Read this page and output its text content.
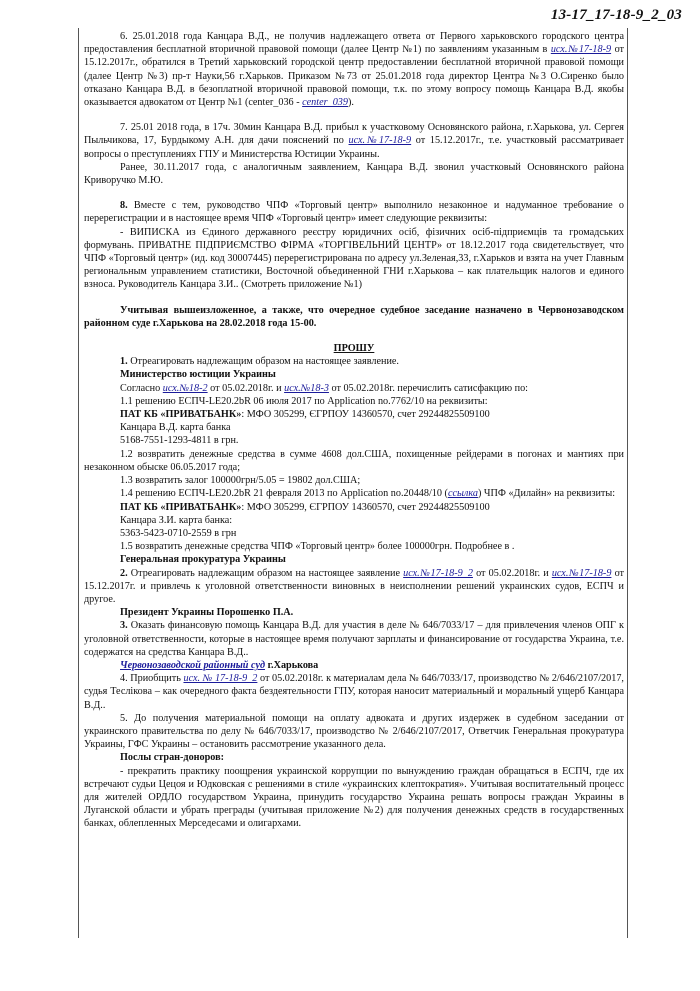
13-17_17-18-9_2_03

6. 25.01.2018 года Канцара В.Д., не получив надлежащего ответа от Первого харьковского городского центра предоставления бесплатной вторичной правовой помощи (далее Центр №1) по заявлениям указанным в исх.№17-18-9 от 15.12.2017г., обратился в Третий харьковский городской центр предоставлении бесплатной вторичной правовой помощи (далее Центр №3) пр-т Науки,56 г.Харьков. Приказом №73 от 25.01.2018 года директор Центра №3 О.Сиренко было отказано Канцара В.Д. в безоплатной вторичной правовой помощи, т.к. по этому вопросу помощь Канцара В.Д. якобы оказывается адвокатом от Центр №1 (center_036 - center_039).

7. 25.01 2018 года, в 17ч. 30мин Канцара В.Д. прибыл к участковому Основянского района, г.Харькова, ул. Сергея Пыльчикова, 17, Бурдыкому А.Н. для дачи пояснений по исх.№17-18-9 от 15.12.2017г., т.е. участковый рассматривает вопросы о преступлениях ГПУ и Министерства Юстиции Украины.

Ранее, 30.11.2017 года, с аналогичным заявлением, Канцара В.Д. звонил участковый Основянского района Криворучко М.Ю.

8. Вместе с тем, руководство ЧПФ «Торговый центр» выполнило незаконное и надуманное требование о перерегистрации и в настоящее время ЧПФ «Торговый центр» имеет следующие реквизиты:

- ВИПИСКА из Єдиного державного реєстру юридичних осіб, фізичних осіб-підприємців та громадських формувань. ПРИВАТНЕ ПІДПРИЄМСТВО ФІРМА «ТОРГІВЕЛЬНИЙ ЦЕНТР» от 18.12.2017 года свидетельствует, что ЧПФ «Торговый центр» (ид. код 30007445) перерегистрирована по адресу ул.Зеленая,33, г.Харьков и взята на учет Главным региональным управлением статистики, Восточной объединенной ГНИ г.Харькова – как плательщик налогов и единого взноса. Руководитель Канцара З.И.. (Смотреть приложение №1)

Учитывая вышеизложенное, а также, что очередное судебное заседание назначено в Червонозаводском районном суде г.Харькова на 28.02.2018 года 15-00.

ПРОШУ

1. Отреагировать надлежащим образом на настоящее заявление.

Министерство юстиции Украины

Согласно исх.№18-2 от 05.02.2018г. и исх.№18-3 от 05.02.2018г. перечислить сатисфакцию по:

1.1 решению ЕСПЧ-LE20.2bR 06 июля 2017 по Application no.7762/10 на реквизиты:

ПАТ КБ «ПРИВАТБАНК»: МФО 305299, ЄГРПОУ 14360570, счет 29244825509100

Канцара В.Д. карта банка

5168-7551-1293-4811 в грн.

1.2 возвратить денежные средства в сумме 4608 дол.США, похищенные рейдерами в погонах и мантиях при незаконном обыске 06.05.2017 года;

1.3 возвратить залог 100000грн/5.05 = 19802 дол.США;

1.4 решению ЕСПЧ-LE20.2bR 21 февраля 2013 по Application no.20448/10 (ссылка) ЧПФ «Дилайн» на реквизиты:

ПАТ КБ «ПРИВАТБАНК»: МФО 305299, ЄГРПОУ 14360570, счет 29244825509100

Канцара З.И. карта банка:

5363-5423-0710-2559 в грн

1.5 возвратить денежные средства ЧПФ «Торговый центр» более 100000грн. Подробнее в .

Генеральная прокуратура Украины

2. Отреагировать надлежащим образом на настоящее заявление исх.№17-18-9_2 от 05.02.2018г. и исх.№17-18-9 от 15.12.2017г. и привлечь к уголовной ответственности виновных в неисполнении решений украинских судов, ЕСПЧ и другое.

Президент Украины Порошенко П.А.

3. Оказать финансовую помощь Канцара В.Д. для участия в деле № 646/7033/17 – для привлечения членов ОПГ к уголовной ответственности, которые в настоящее время получают зарплаты и финансирование от государства Украина, т.е. содержатся на средства Канцара В.Д..

Червонозаводской районный суд г.Харькова

4. Приобщить исх. № 17-18-9_2 от 05.02.2018г. к материалам дела № 646/7033/17, производство № 2/646/2107/2017, судья Теслікова – как очередного факта бездеятельности ГПУ, которая наносит материальный и моральный ущерб Канцара В.Д..

5. До получения материальной помощи на оплату адвоката и других издержек в судебном заседании от украинского правительства по делу № 646/7033/17, производство № 2/646/2107/2017, Ответчик Генеральная прокуратура Украины, ГФС Украины – остановить рассмотрение указанного дела.

Послы стран-доноров:

- прекратить практику поощрения украинской коррупции по вынуждению граждан обращаться в ЕСПЧ, где их встречают судьи Цецоя и Юдковская с решениями в стиле «украинских клептократия». Учитывая воспитательный процесс для жителей ОРДЛО государством Украина, принудить государство Украина решать вопросы граждан Украины в Луганской области и убрать преграды (учитывая приложение №2) для получения денежных средств в государственных банках, облепленных Мерседесами и олигархами.
